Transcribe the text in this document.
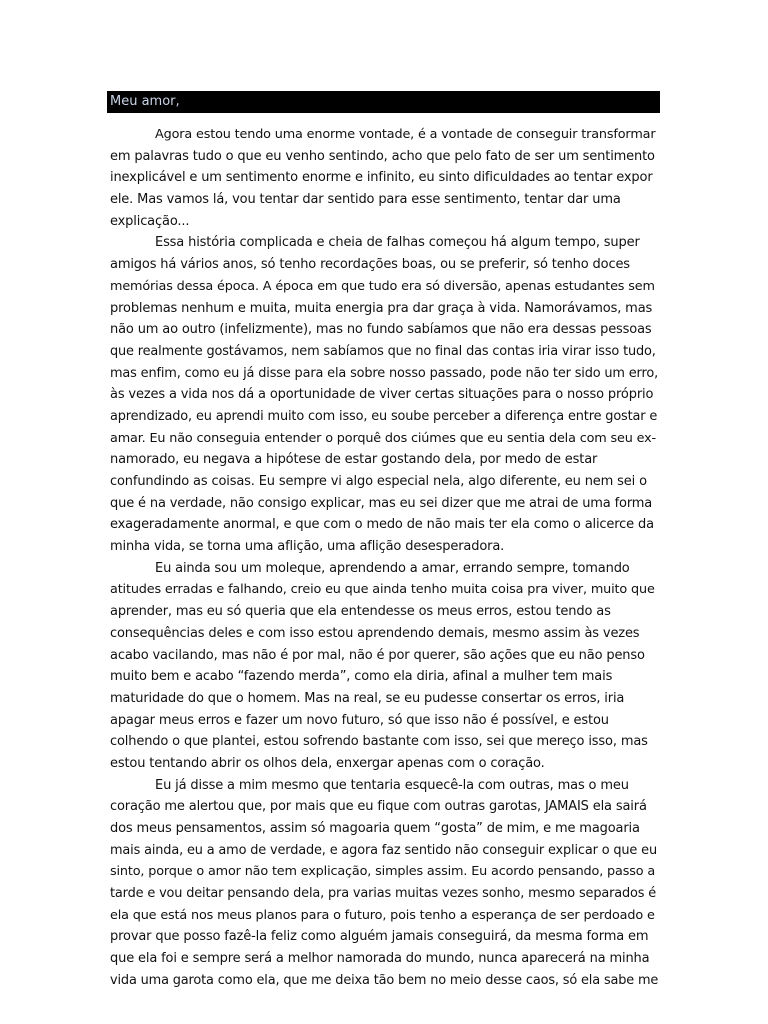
Meu amor,
Agora estou tendo uma enorme vontade, é a vontade de conseguir transformar
em palavras tudo o que eu venho sentindo, acho que pelo fato de ser um sentimento
inexplicável e um sentimento enorme e infinito, eu sinto dificuldades ao tentar expor
ele. Mas vamos lá, vou tentar dar sentido para esse sentimento, tentar dar uma
explicação...
Essa história complicada e cheia de falhas começou há algum tempo, super
amigos há vários anos, só tenho recordações boas, ou se preferir, só tenho doces
memórias dessa época. A época em que tudo era só diversão, apenas estudantes sem
problemas nenhum e muita, muita energia pra dar graça à vida. Namorávamos, mas
não um ao outro (infelizmente), mas no fundo sabíamos que não era dessas pessoas
que realmente gostávamos, nem sabíamos que no final das contas iria virar isso tudo,
mas enfim, como eu já disse para ela sobre nosso passado, pode não ter sido um erro,
às vezes a vida nos dá a oportunidade de viver certas situações para o nosso próprio
aprendizado, eu aprendi muito com isso, eu soube perceber a diferença entre gostar e
amar. Eu não conseguia entender o porquê dos ciúmes que eu sentia dela com seu ex-
namorado, eu negava a hipótese de estar gostando dela, por medo de estar
confundindo as coisas. Eu sempre vi algo especial nela, algo diferente, eu nem sei o
que é na verdade, não consigo explicar, mas eu sei dizer que me atrai de uma forma
exageradamente anormal, e que com o medo de não mais ter ela como o alicerce da
minha vida, se torna uma aflição, uma aflição desesperadora.
Eu ainda sou um moleque, aprendendo a amar, errando sempre, tomando
atitudes erradas e falhando, creio eu que ainda tenho muita coisa pra viver, muito que
aprender, mas eu só queria que ela entendesse os meus erros, estou tendo as
consequências deles e com isso estou aprendendo demais, mesmo assim às vezes
acabo vacilando, mas não é por mal, não é por querer, são ações que eu não penso
muito bem e acabo “fazendo merda”, como ela diria, afinal a mulher tem mais
maturidade do que o homem. Mas na real, se eu pudesse consertar os erros, iria
apagar meus erros e fazer um novo futuro, só que isso não é possível, e estou
colhendo o que plantei, estou sofrendo bastante com isso, sei que mereço isso, mas
estou tentando abrir os olhos dela, enxergar apenas com o coração.
Eu já disse a mim mesmo que tentaria esquecê-la com outras, mas o meu
coração me alertou que, por mais que eu fique com outras garotas, JAMAIS ela sairá
dos meus pensamentos, assim só magoaria quem “gosta” de mim, e me magoaria
mais ainda, eu a amo de verdade, e agora faz sentido não conseguir explicar o que eu
sinto, porque o amor não tem explicação, simples assim. Eu acordo pensando, passo a
tarde e vou deitar pensando dela, pra varias muitas vezes sonho, mesmo separados é
ela que está nos meus planos para o futuro, pois tenho a esperança de ser perdoado e
provar que posso fazê-la feliz como alguém jamais conseguirá, da mesma forma em
que ela foi e sempre será a melhor namorada do mundo, nunca aparecerá na minha
vida uma garota como ela, que me deixa tão bem no meio desse caos, só ela sabe me
